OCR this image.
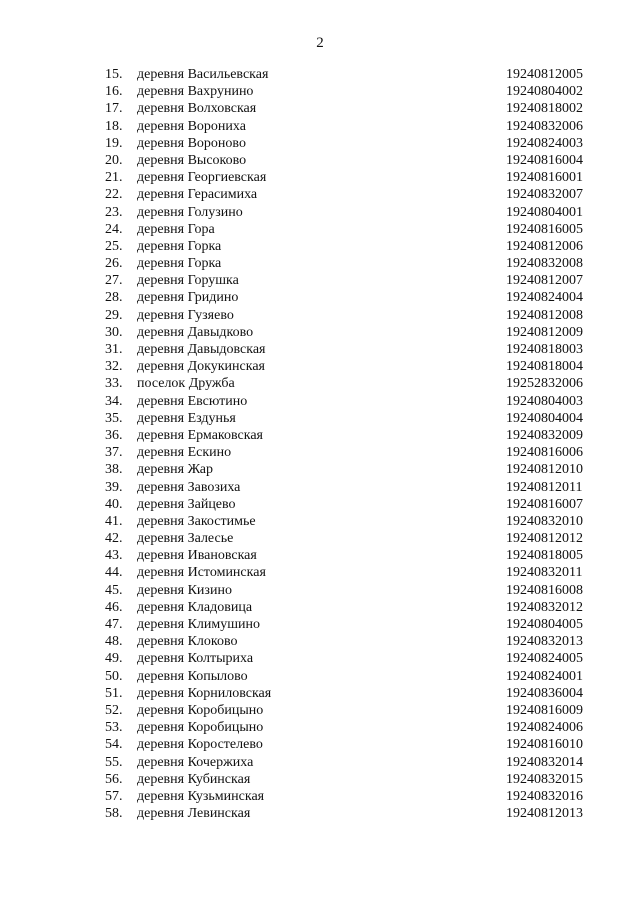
2
15. деревня Васильевская	19240812005
16. деревня Вахрунино	19240804002
17. деревня Волховская	19240818002
18. деревня Ворониха	19240832006
19. деревня Вороново	19240824003
20. деревня Высоково	19240816004
21. деревня Георгиевская	19240816001
22. деревня Герасимиха	19240832007
23. деревня Голузино	19240804001
24. деревня Гора	19240816005
25. деревня Горка	19240812006
26. деревня Горка	19240832008
27. деревня Горушка	19240812007
28. деревня Гридино	19240824004
29. деревня Гузяево	19240812008
30. деревня Давыдково	19240812009
31. деревня Давыдовская	19240818003
32. деревня Докукинская	19240818004
33. поселок Дружба	19252832006
34. деревня Евсютино	19240804003
35. деревня Ездунья	19240804004
36. деревня Ермаковская	19240832009
37. деревня Ескино	19240816006
38. деревня Жар	19240812010
39. деревня Завозиха	19240812011
40. деревня Зайцево	19240816007
41. деревня Закостимье	19240832010
42. деревня Залесье	19240812012
43. деревня Ивановская	19240818005
44. деревня Истоминская	19240832011
45. деревня Кизино	19240816008
46. деревня Кладовица	19240832012
47. деревня Климушино	19240804005
48. деревня Клоково	19240832013
49. деревня Колтыриха	19240824005
50. деревня Копылово	19240824001
51. деревня Корниловская	19240836004
52. деревня Коробицыно	19240816009
53. деревня Коробицыно	19240824006
54. деревня Коростелево	19240816010
55. деревня Кочержиха	19240832014
56. деревня Кубинская	19240832015
57. деревня Кузьминская	19240832016
58. деревня Левинская	19240812013
